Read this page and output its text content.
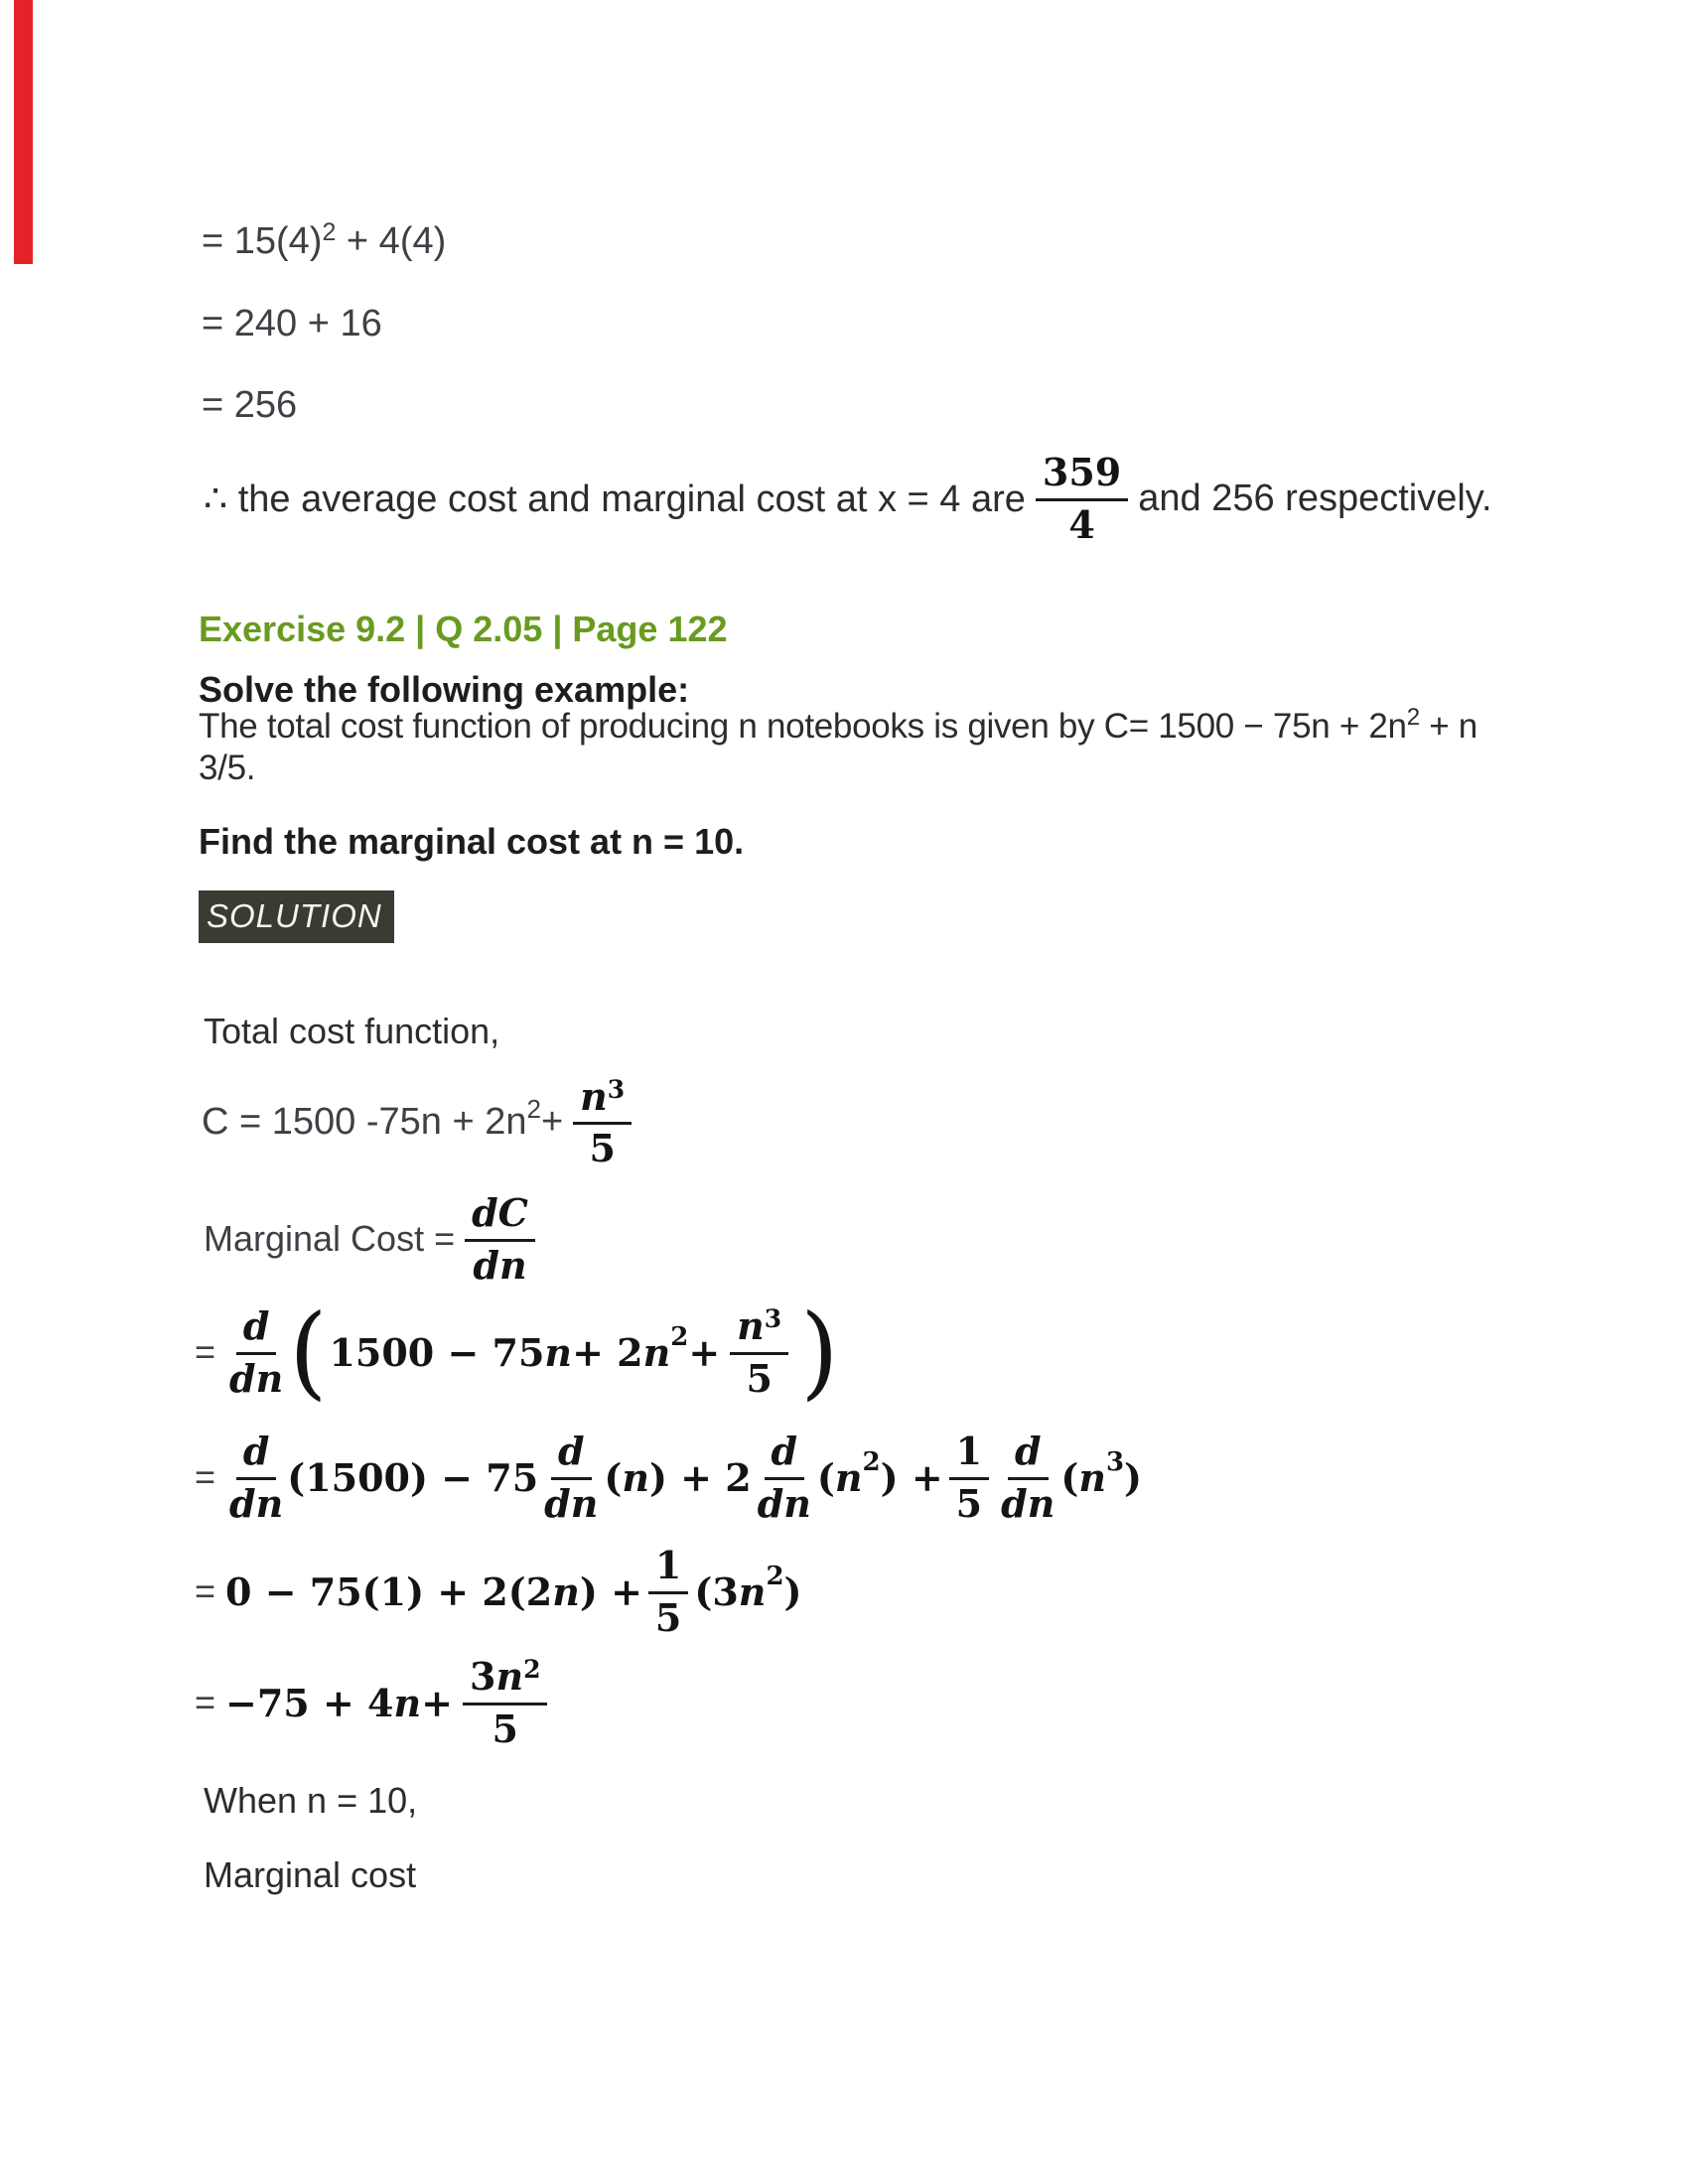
= $15(4)^2 + 4(4)$
= 240 + 16
= 256
∴ the average cost and marginal cost at x = 4 are $\frac{359}{4}$ and 256 respectively.
Exercise 9.2 | Q 2.05 | Page 122
Solve the following example:
The total cost function of producing n notebooks is given by $C= 1500 - 75n + 2n^2 + n$
3/5.
Find the marginal cost at n = 10.
SOLUTION
Total cost function,
C = 1500 -75n + 2n $2 + \frac{n^3}{5}$
Marginal Cost = $\frac{dC}{dn}$
= $\frac{d}{dn}$ ( 1500 − 75 n + 2 n $2 + \frac{n^3}{5}$ )
= $\frac{d}{dn} (1500) - 75 \frac{d}{dn}$ ( n ) + $2 \frac{d}{dn}$ ( n 2 ) + $\frac{1}{5} \frac{d}{dn}$ ( n 3 )
= 0 − 75(1) + 2(2 n ) + $\frac{1}{5} (3$ n 2 )
= −75 + 4 $n + \frac{3n^2}{5}$
When n = 10,
Marginal cost
